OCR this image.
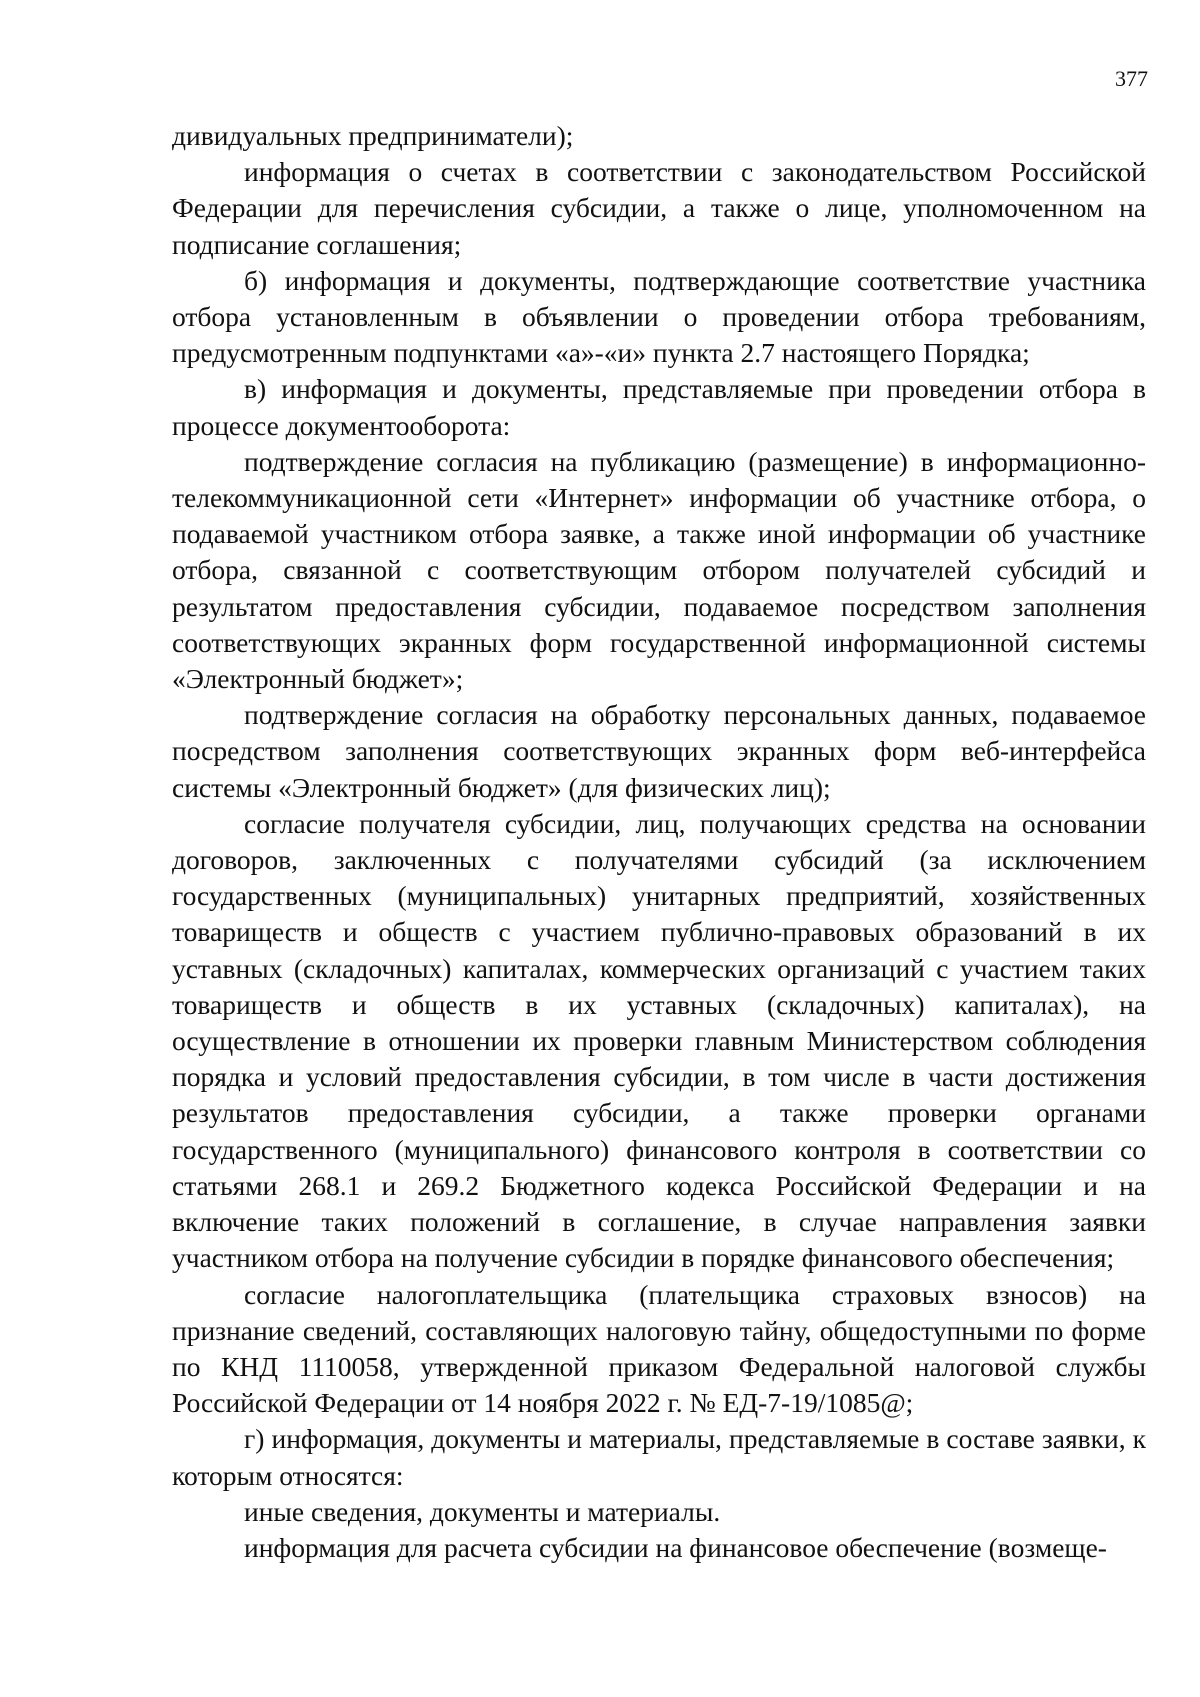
377

дивидуальных предприниматели);

информация о счетах в соответствии с законодательством Российской Федерации для перечисления субсидии, а также о лице, уполномоченном на подписание соглашения;

б) информация и документы, подтверждающие соответствие участника отбора установленным в объявлении о проведении отбора требованиям, предусмотренным подпунктами «а»-«и» пункта 2.7 настоящего Порядка;

в) информация и документы, представляемые при проведении отбора в процессе документооборота:

подтверждение согласия на публикацию (размещение) в информационно-телекоммуникационной сети «Интернет» информации об участнике отбора, о подаваемой участником отбора заявке, а также иной информации об участнике отбора, связанной с соответствующим отбором получателей субсидий и результатом предоставления субсидии, подаваемое посредством заполнения соответствующих экранных форм государственной информационной системы «Электронный бюджет»;

подтверждение согласия на обработку персональных данных, подаваемое посредством заполнения соответствующих экранных форм веб-интерфейса системы «Электронный бюджет» (для физических лиц);

согласие получателя субсидии, лиц, получающих средства на основании договоров, заключенных с получателями субсидий (за исключением государственных (муниципальных) унитарных предприятий, хозяйственных товариществ и обществ с участием публично-правовых образований в их уставных (складочных) капиталах, коммерческих организаций с участием таких товариществ и обществ в их уставных (складочных) капиталах), на осуществление в отношении их проверки главным Министерством соблюдения порядка и условий предоставления субсидии, в том числе в части достижения результатов предоставления субсидии, а также проверки органами государственного (муниципального) финансового контроля в соответствии со статьями 268.1 и 269.2 Бюджетного кодекса Российской Федерации и на включение таких положений в соглашение, в случае направления заявки участником отбора на получение субсидии в порядке финансового обеспечения;

согласие налогоплательщика (плательщика страховых взносов) на признание сведений, составляющих налоговую тайну, общедоступными по форме по КНД 1110058, утвержденной приказом Федеральной налоговой службы Российской Федерации от 14 ноября 2022 г. № ЕД-7-19/1085@;

г) информация, документы и материалы, представляемые в составе заявки, к которым относятся:

иные сведения, документы и материалы.

информация для расчета субсидии на финансовое обеспечение (возмеще-
